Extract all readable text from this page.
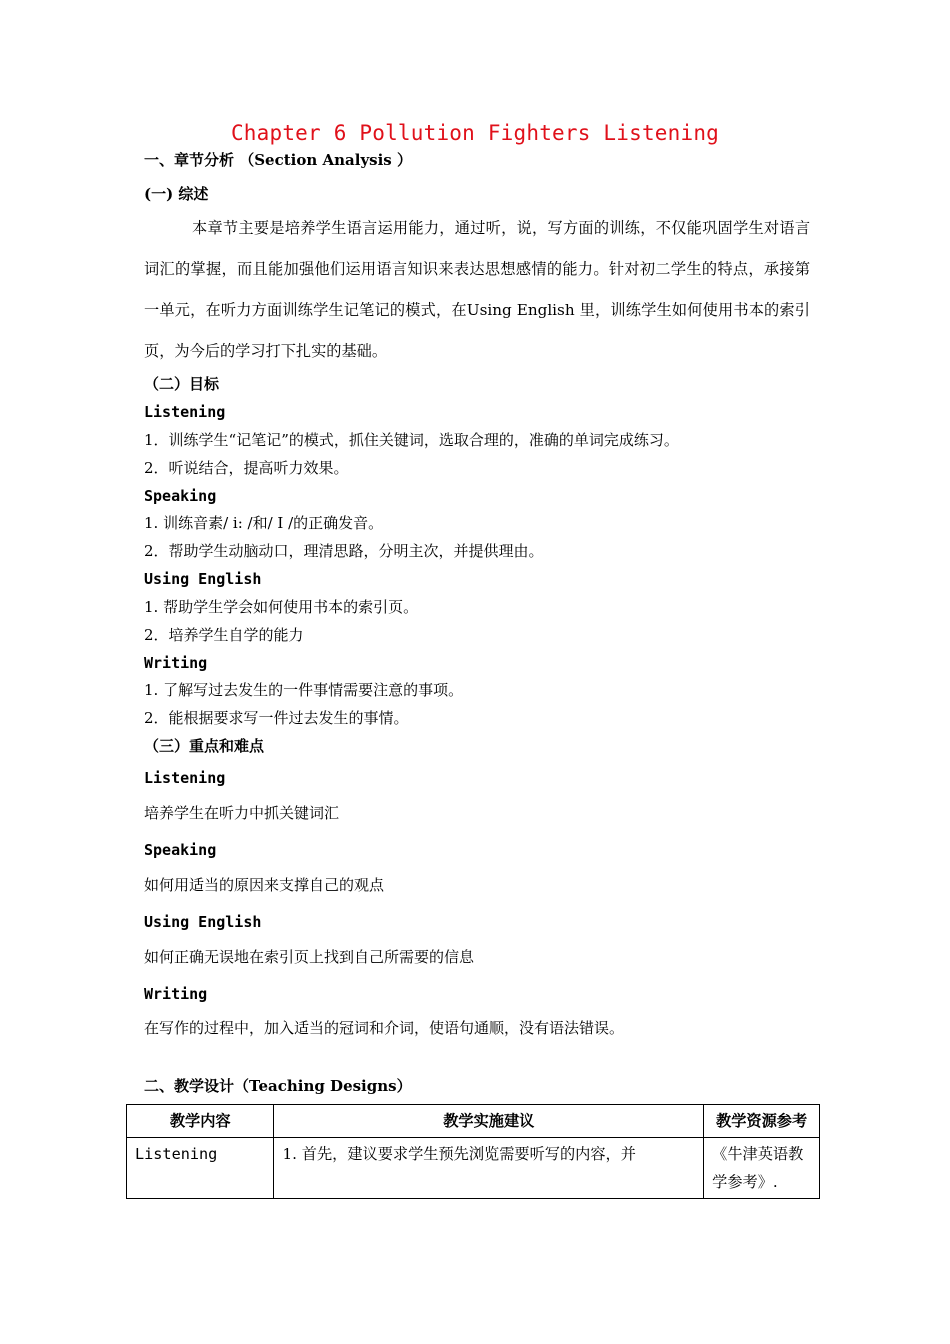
Chapter 6 Pollution Fighters Listening
一、章节分析 （Section Analysis ）
(一) 综述
本章节主要是培养学生语言运用能力，通过听，说，写方面的训练，不仅能巩固学生对语言词汇的掌握，而且能加强他们运用语言知识来表达思想感情的能力。针对初二学生的特点，承接第一单元，在听力方面训练学生记笔记的模式，在Using English 里，训练学生如何使用书本的索引页，为今后的学习打下扎实的基础。
（二）目标
Listening
1．训练学生“记笔记”的模式，抓住关键词，选取合理的，准确的单词完成练习。
2．听说结合，提高听力效果。
Speaking
1. 训练音素/ i: /和/ I /的正确发音。
2．帮助学生动脑动口，理清思路，分明主次，并提供理由。
Using English
1. 帮助学生学会如何使用书本的索引页。
2．培养学生自学的能力
Writing
1. 了解写过去发生的一件事情需要注意的事项。
2．能根据要求写一件过去发生的事情。
（三）重点和难点
Listening
培养学生在听力中抓关键词汇
Speaking
如何用适当的原因来支撑自己的观点
Using English
如何正确无误地在索引页上找到自己所需要的信息
Writing
在写作的过程中，加入适当的冠词和介词，使语句通顺，没有语法错误。
二、教学设计（Teaching Designs）
教学内容	教学实施建议	教学资源参考
Listening	1. 首先，建议要求学生预先浏览需要听写的内容，并	《牛津英语教学参考》.
